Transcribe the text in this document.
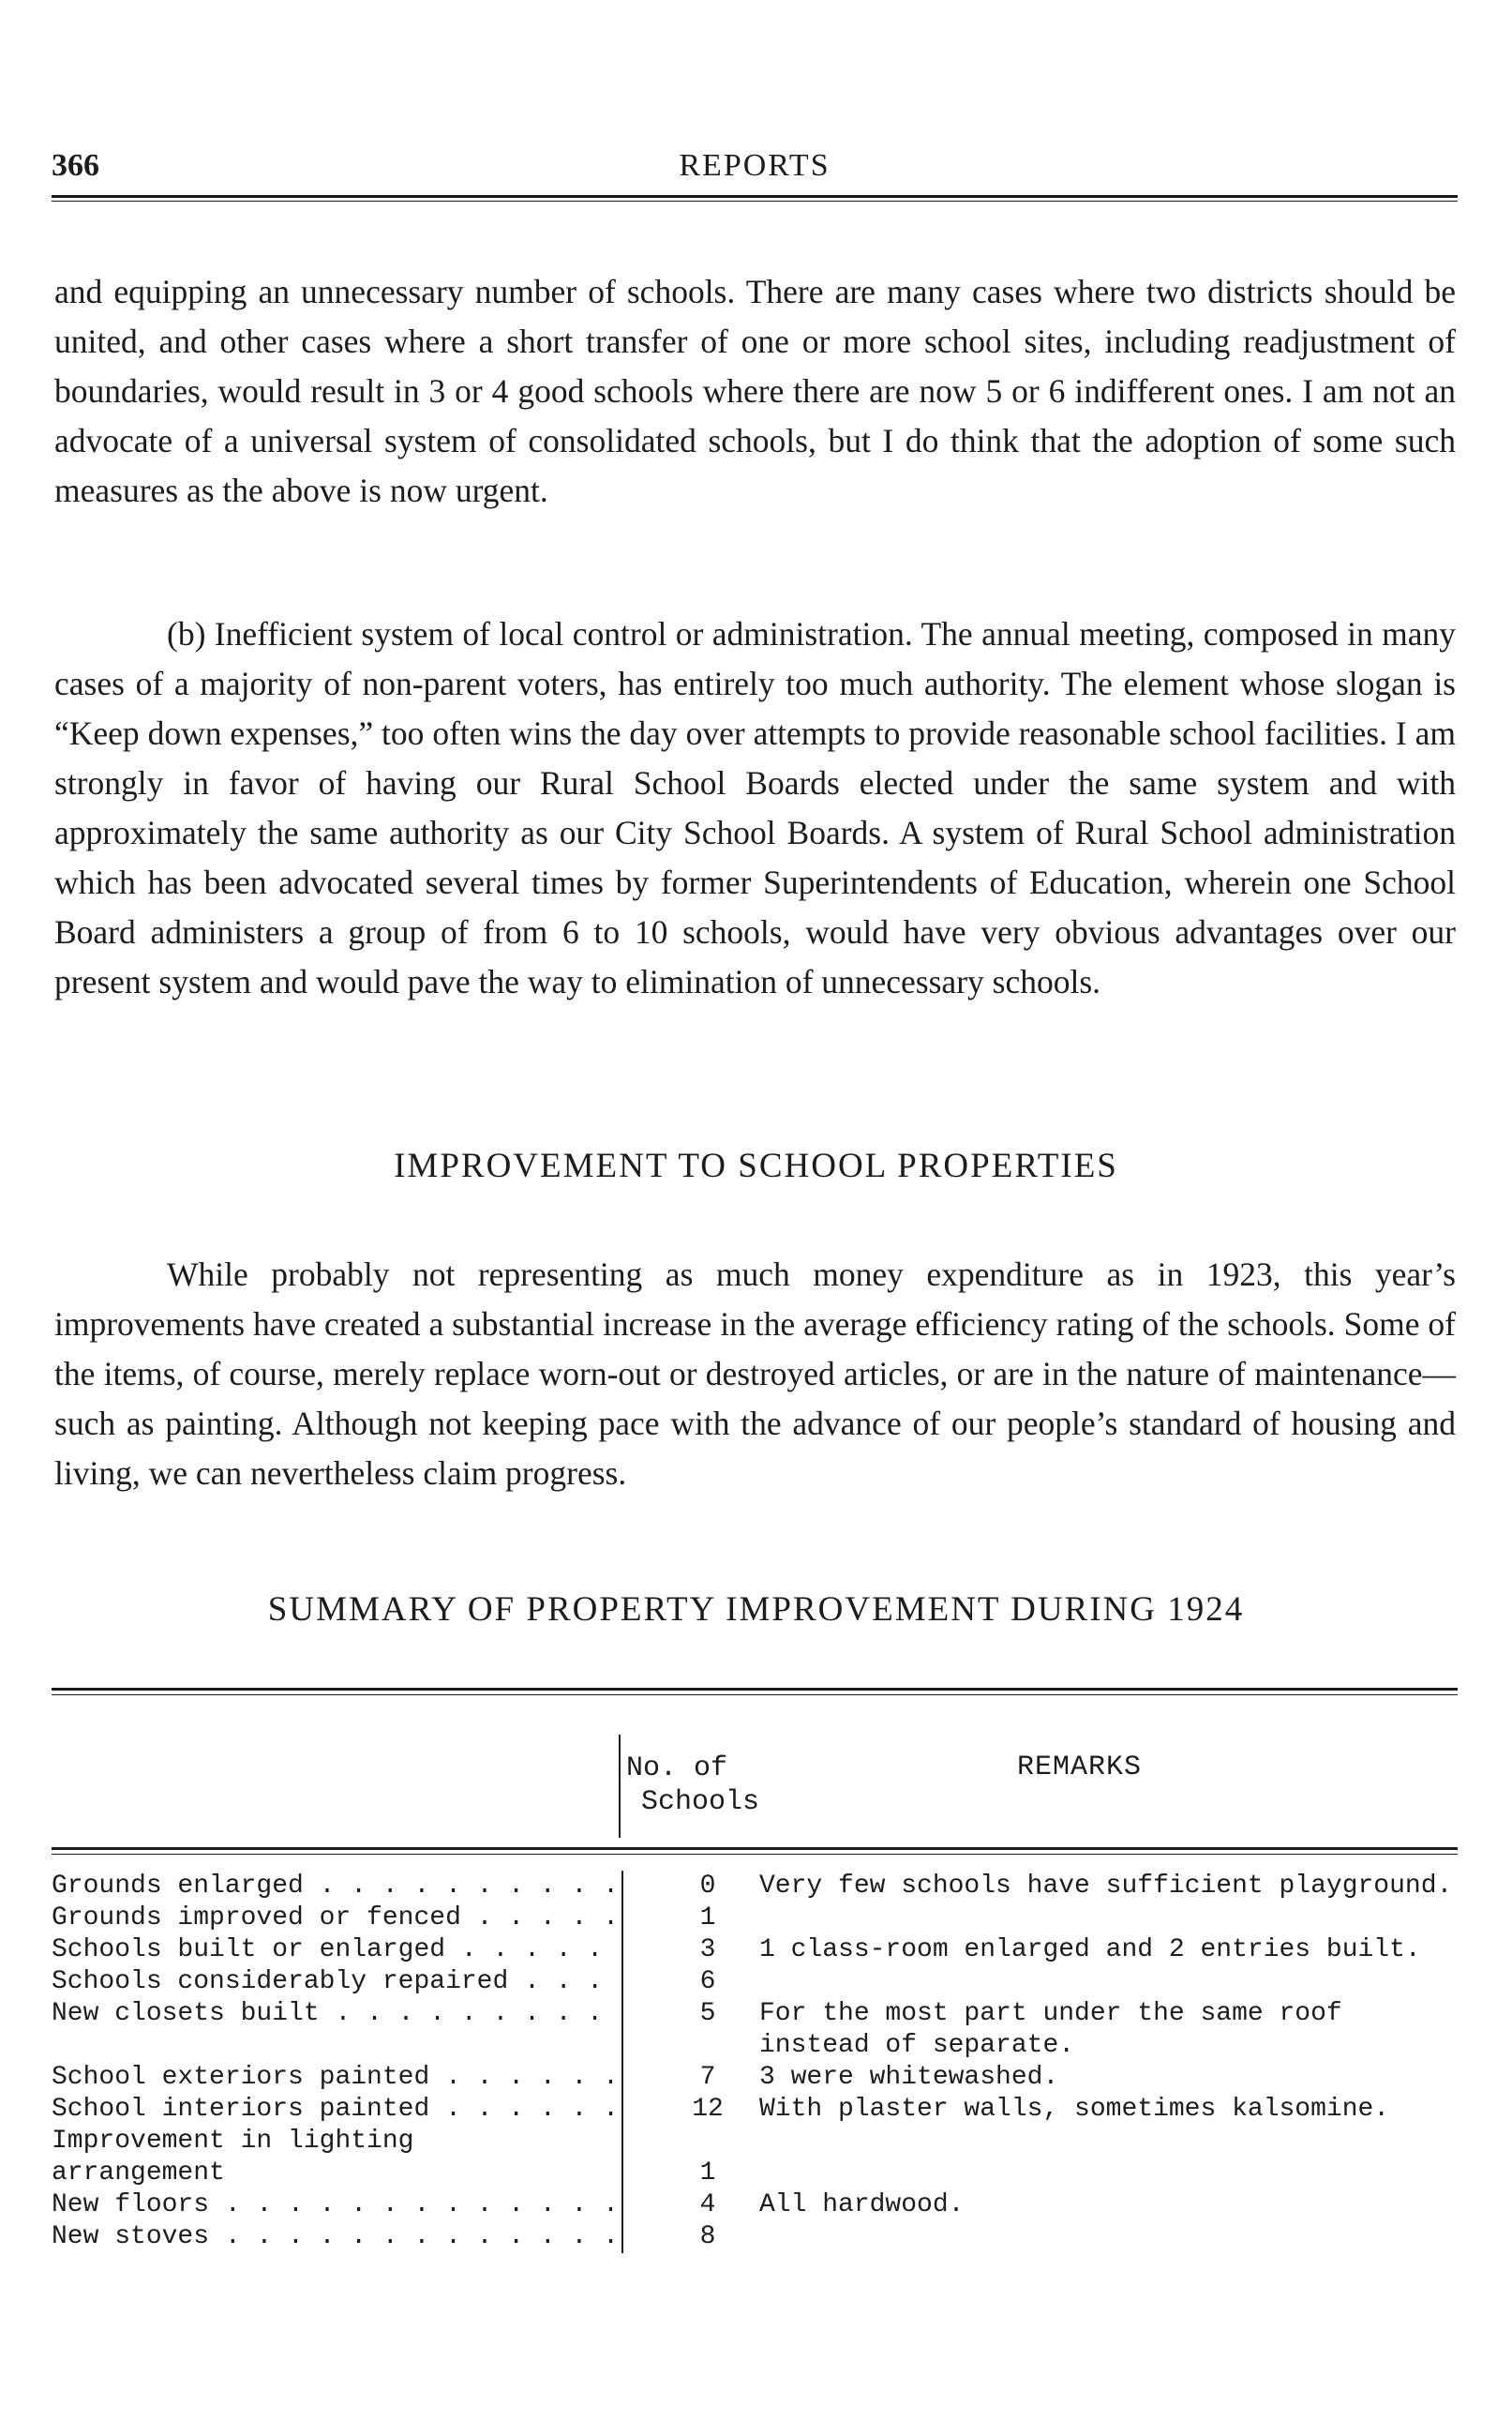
366	REPORTS

and equipping an unnecessary number of schools. There are many cases where two districts should be united, and other cases where a short transfer of one or more school sites, including readjustment of boundaries, would result in 3 or 4 good schools where there are now 5 or 6 indifferent ones. I am not an advocate of a universal system of consolidated schools, but I do think that the adoption of some such measures as the above is now urgent.

(b) Inefficient system of local control or administration. The annual meeting, composed in many cases of a majority of non-parent voters, has entirely too much authority. The element whose slogan is “Keep down expenses,” too often wins the day over attempts to provide reasonable school facilities. I am strongly in favor of having our Rural School Boards elected under the same system and with approximately the same authority as our City School Boards. A system of Rural School administration which has been advocated several times by former Superintendents of Education, wherein one School Board administers a group of from 6 to 10 schools, would have very obvious advantages over our present system and would pave the way to elimination of unnecessary schools.

IMPROVEMENT TO SCHOOL PROPERTIES

While probably not representing as much money expenditure as in 1923, this year’s improvements have created a substantial increase in the average efficiency rating of the schools. Some of the items, of course, merely replace worn-out or destroyed articles, or are in the nature of maintenance—such as painting. Although not keeping pace with the advance of our people’s standard of housing and living, we can nevertheless claim progress.

SUMMARY OF PROPERTY IMPROVEMENT DURING 1924
No. of
Schools
REMARKS
Grounds enlarged . . .	0	Very few schools have sufficient playground.
Grounds improved or fenced . . .	1
Schools built or enlarged . . .	3	1 class-room enlarged and 2 entries built.
Schools considerably repaired . . .	6
New closets built . . .	5	For the most part under the same roof instead of separate.
School exteriors painted . . .	7	3 were whitewashed.
School interiors painted . . .	12	With plaster walls, sometimes kalsomine.
Improvement in lighting arrangement	1
New floors . . .	4	All hardwood.
New stoves . . .	8
